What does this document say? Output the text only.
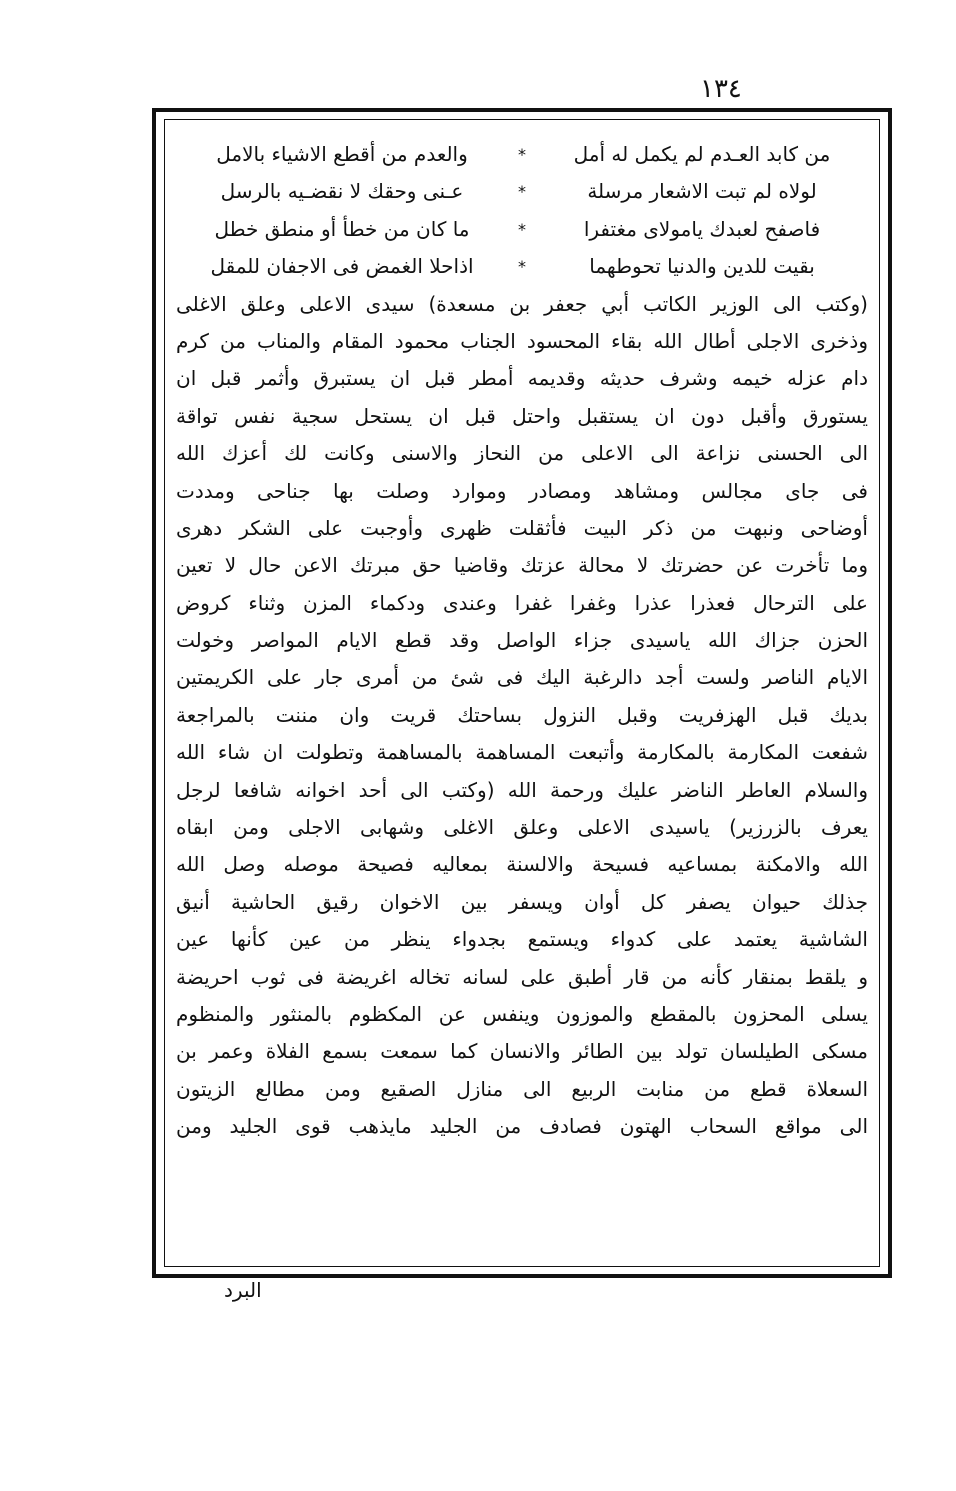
١٣٤
من كابد العـدم لم يكمل له أمل
*
والعدم من أقطع الاشياء بالامل
لولاه لم تبت الاشعار مرسلة
*
عـنى وحقك لا نقضـيه بالرسل
فاصفح لعبدك يامولاى مغتفرا
*
ما كان من خطأ أو منطق خطل
بقيت للدين والدنيا تحوطهما
*
اذاحلا الغمض فى الاجفان للمقل
(وكتب الى الوزير الكاتب أبي جعفر بن مسعدة) سيدى الاعلى وعلق الاغلى
وذخرى الاجلى أطال الله بقاء المحسود الجناب محمود المقام والمناب من كرم
دام عزله خيمه وشرف حديثه وقديمه أمطر قبل ان يستبرق وأثمر قبل ان
يستورق وأقبل دون ان يستقبل واحتل قبل ان يستحل سجية نفس تواقة
الى الحسنى نزاعة الى الاعلى من النحاز والاسنى وكانت لك أعزك الله
فى جاى مجالس ومشاهد ومصادر وموارد وصلت بها جناحى ومددت
أوضاحى ونبهت من ذكر البيت فأثقلت ظهرى وأوجبت على الشكر دهرى
وما تأخرت عن حضرتك لا محالة عزتك وقاضيا حق مبرتك الاعن حال لا تعين
على الترحال فعذرا عذرا وغفرا غفرا وعندى ودكماء المزن وثناء كروض
الحزن جزاك الله ياسيدى جزاء الواصل وقد قطع الايام المواصر وخولت
الايام الناصر ولست أجد دالرغبة اليك فى شئ من أمرى جار على الكريمتين
بديك قبل الهزفريت وقبل النزول بساحتك قريت وان مننت بالمراجعة
شفعت المكارمة بالمكارمة وأتبعت المساهمة بالمساهمة وتطولت ان شاء الله
والسلام العاطر الناضر عليك ورحمة الله (وكتب الى أحد اخوانه شافعا لرجل
يعرف بالزرزير) ياسيدى الاعلى وعلق الاغلى وشهابى الاجلى ومن ابقاه
الله والامكنة بمساعيه فسيحة والالسنة بمعاليه فصيحة موصله وصل الله
جذلك حيوان يصفر كل أوان ويسفر بين الاخوان رقيق الحاشية أنيق
الشاشية يعتمد على كدواء ويستمع بجدواء ينظر من عين كأنها عين
و يلقط بمنقار كأنه من قار أطبق على لسانه تخاله اغريضة فى ثوب احريضة
يسلى المحزون بالمقطع والموزون وينفس عن المكظوم بالمنثور والمنظوم
مسكى الطيلسان تولد بين الطائر والانسان كما سمعت بسمع الفلاة وعمر بن
السعلاة قطع من منابت الربيع الى منازل الصقيع ومن مطالع الزيتون
الى مواقع السحاب الهتون فصادف من الجليد مايذهب قوى الجليد ومن
البرد
